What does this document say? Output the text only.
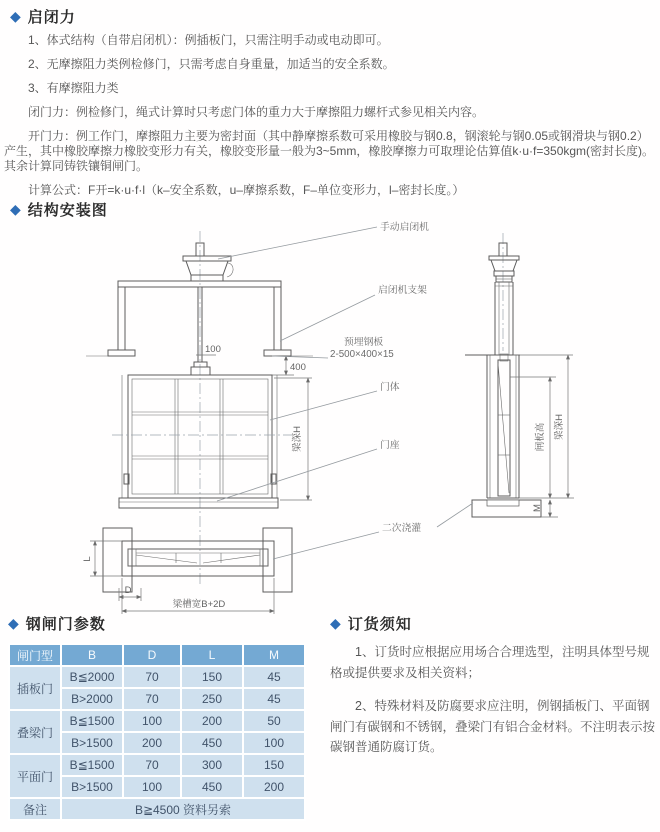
◆ 启闭力

1、体式结构（自带启闭机）：例插板门，只需注明手动或电动即可。

2、无摩擦阻力类例检修门，只需考虑自身重量，加适当的安全系数。

3、有摩擦阻力类

闭门力：例检修门，绳式计算时只考虑门体的重力大于摩擦阻力螺杆式参见相关内容。

开门力：例工作门，摩擦阻力主要为密封面（其中静摩擦系数可采用橡胶与钢0.8，钢滚轮与钢0.05或钢滑块与钢0.2）产生，其中橡胶摩擦力橡胶变形力有关，橡胶变形量一般为3~5mm，橡胶摩擦力可取理论估算值k·u·f=350kgm(密封长度)。其余计算同铸铁镶铜闸门。

计算公式：F开=k·u·f·l（k–安全系数，u–摩擦系数，F–单位变形力，l–密封长度。）

◆ 结构安装图
100
400
梁深H
L
D
梁槽宽B+2D
闸板高 梁深H
M
手动启闭机
启闭机支架
预埋钢板
2-500×400×15
门体
门座
二次浇灌
◆ 钢闸门参数
闸门型	B	D	L	M
插板门	B≦2000	70	150	45
	B>2000	70	250	45
叠梁门	B≦1500	100	200	50
	B>1500	200	450	100
平面门	B≦1500	70	300	150
	B>1500	100	450	200
备注	B≧4500 资料另索			
◆ 订货须知

1、订货时应根据应用场合合理选型，注明具体型号规格或提供要求及相关资料；

2、特殊材料及防腐要求应注明，例钢插板门、平面钢闸门有碳钢和不锈钢，叠梁门有铝合金材料。不注明表示按碳钢普通防腐订货。
